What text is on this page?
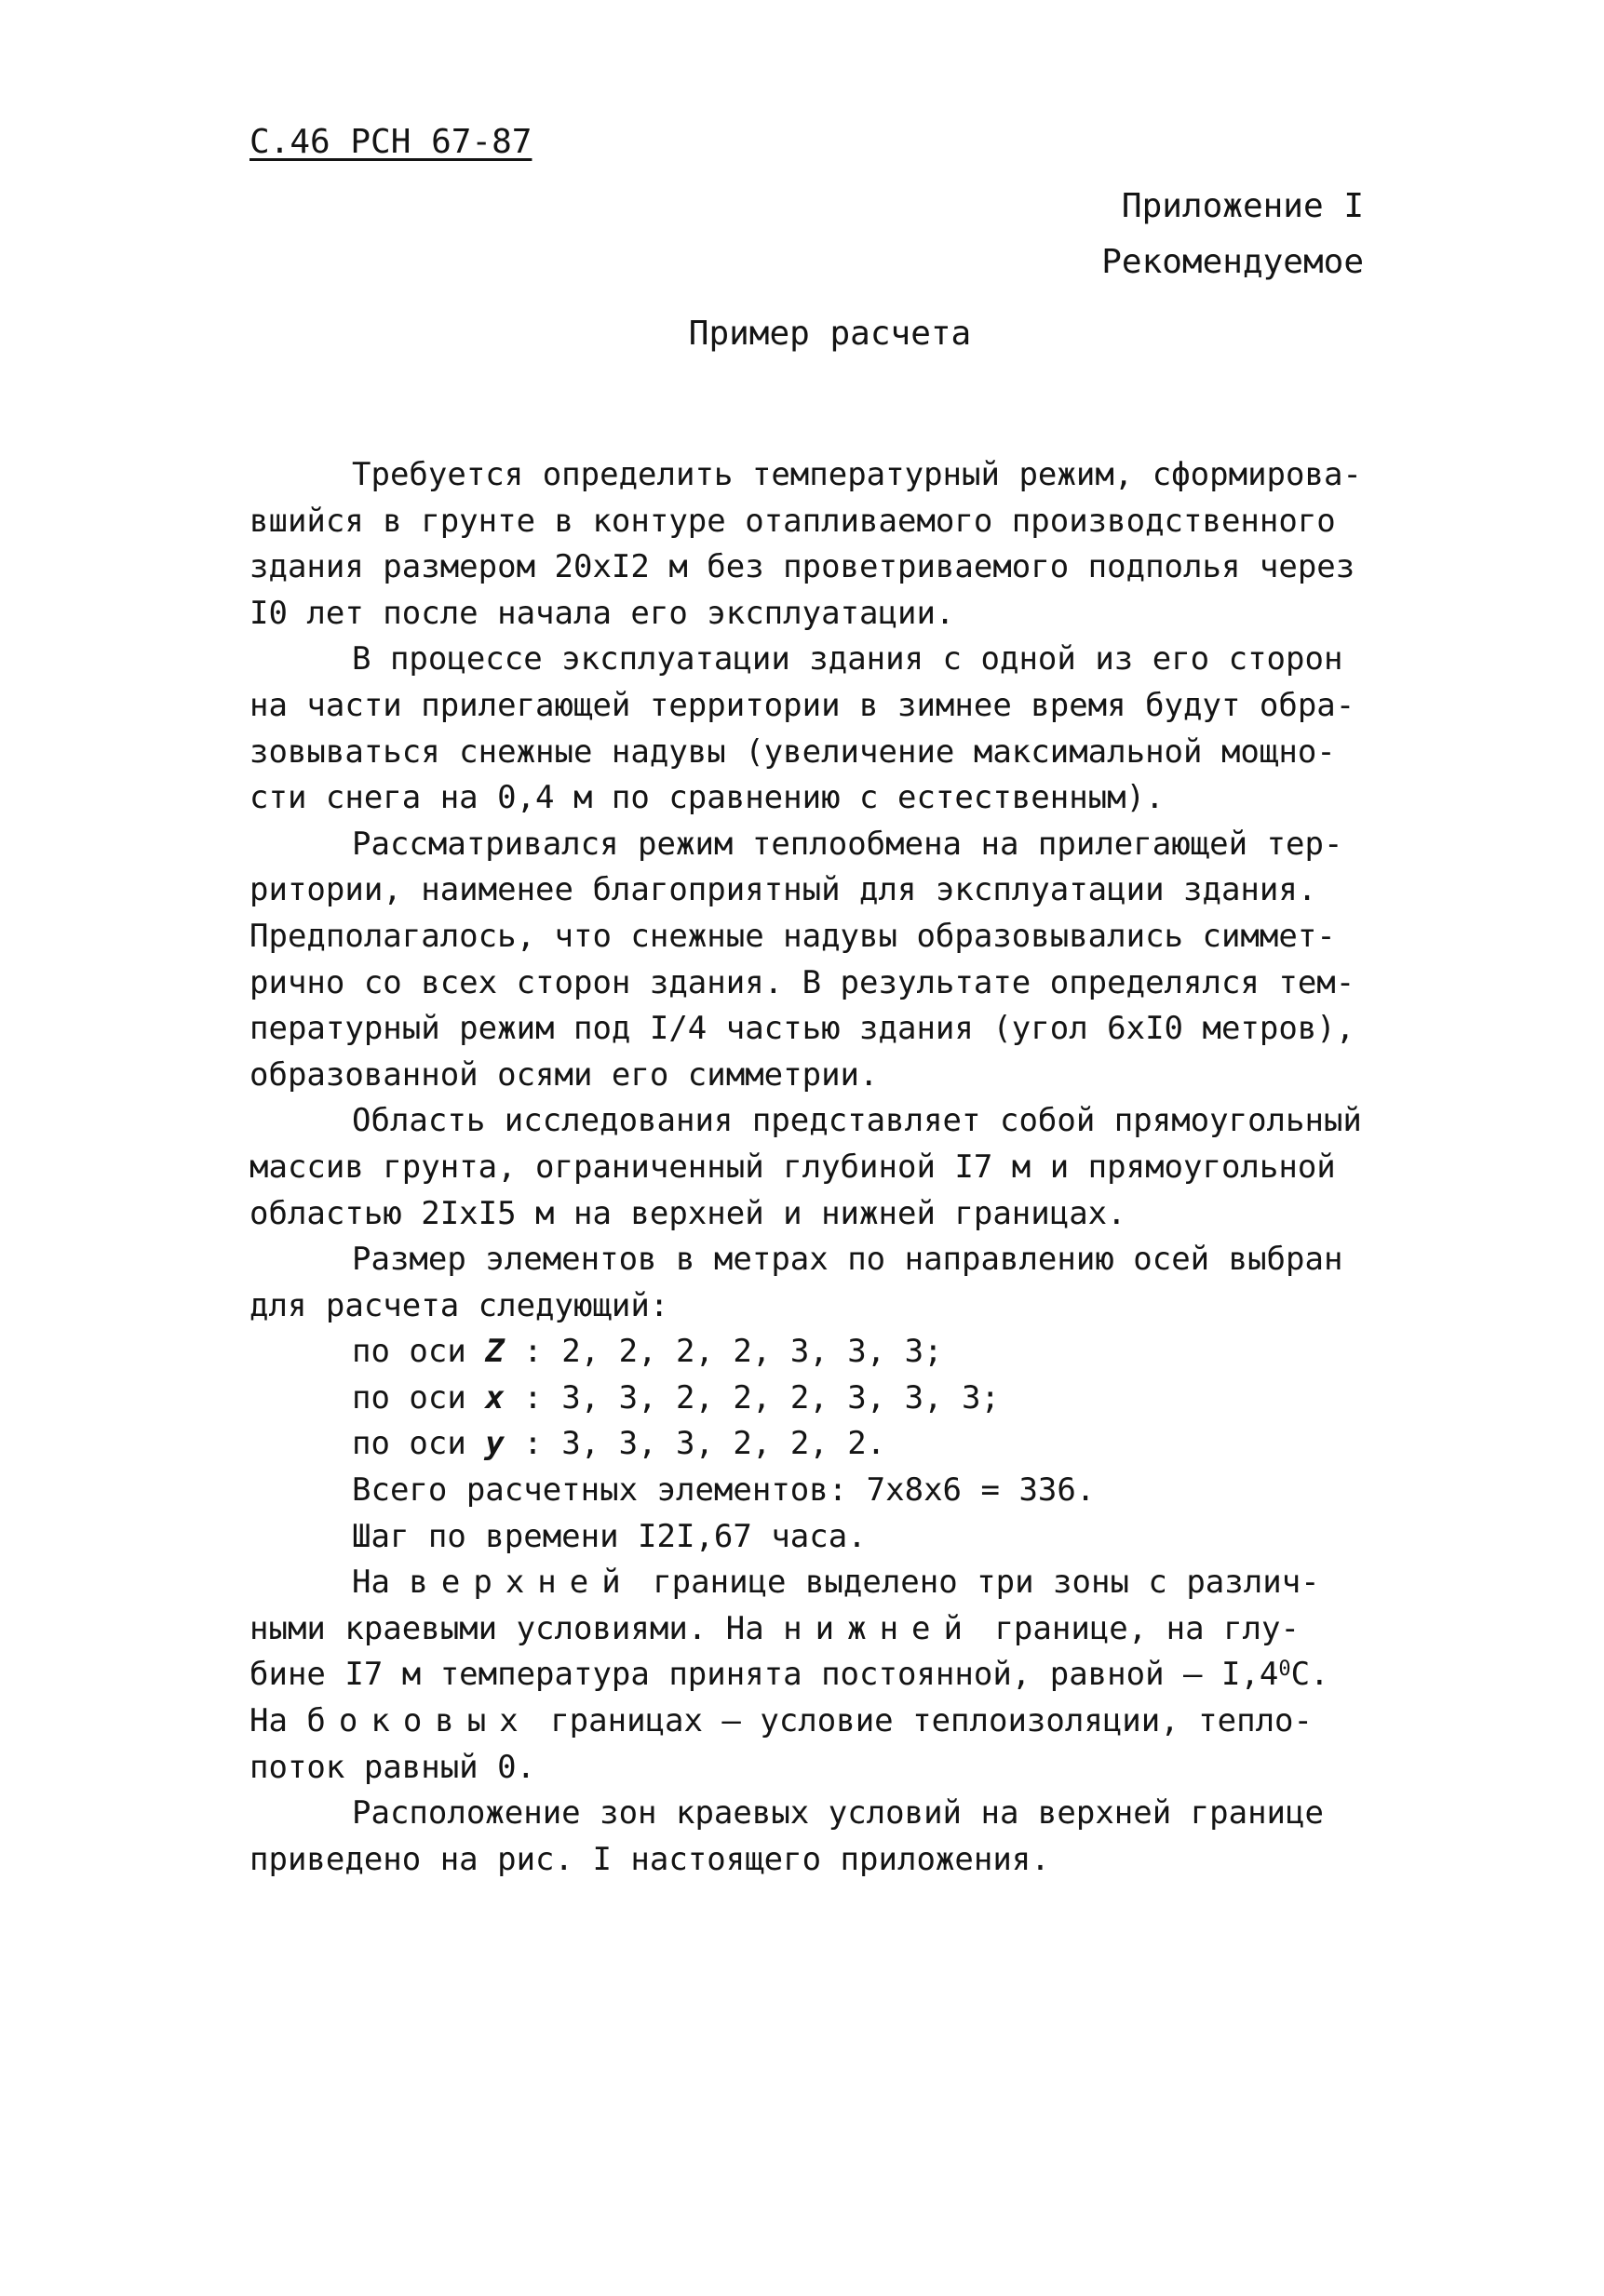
С.46 РСН 67-87
Приложение I
Рекомендуемое
Пример расчета
Требуется определить температурный режим, сформирова-
вшийся в грунте в контуре отапливаемого производственного
здания размером 20хI2 м без проветриваемого подполья через
I0 лет после начала его эксплуатации.
В процессе эксплуатации здания с одной из его сторон
на части прилегающей территории в зимнее время будут обра-
зовываться снежные надувы (увеличение максимальной мощно-
сти снега на 0,4 м по сравнению с естественным).
Рассматривался режим теплообмена на прилегающей тер-
ритории, наименее благоприятный для эксплуатации здания.
Предполагалось, что снежные надувы образовывались симмет-
рично со всех сторон здания. В результате определялся тем-
пературный режим под I/4 частью здания (угол 6хI0 метров),
образованной осями его симметрии.
Область исследования представляет собой прямоугольный
массив грунта, ограниченный глубиной I7 м и прямоугольной
областью 2IхI5 м на верхней и нижней границах.
Размер элементов в метрах по направлению осей выбран
для расчета следующий:
по оси Z : 2, 2, 2, 2, 3, 3, 3;
по оси x : 3, 3, 2, 2, 2, 3, 3, 3;
по оси y : 3, 3, 3, 2, 2, 2.
Всего расчетных элементов: 7х8х6 = 336.
Шаг по времени I2I,67 часа.
На верхней границе выделено три зоны с различ-
ными краевыми условиями. На нижней границе, на глу-
бине I7 м температура принята постоянной, равной – $I,4^0С$.
На боковых границах – условие теплоизоляции, тепло-
поток равный 0.
Расположение зон краевых условий на верхней границе
приведено на рис. I настоящего приложения.
